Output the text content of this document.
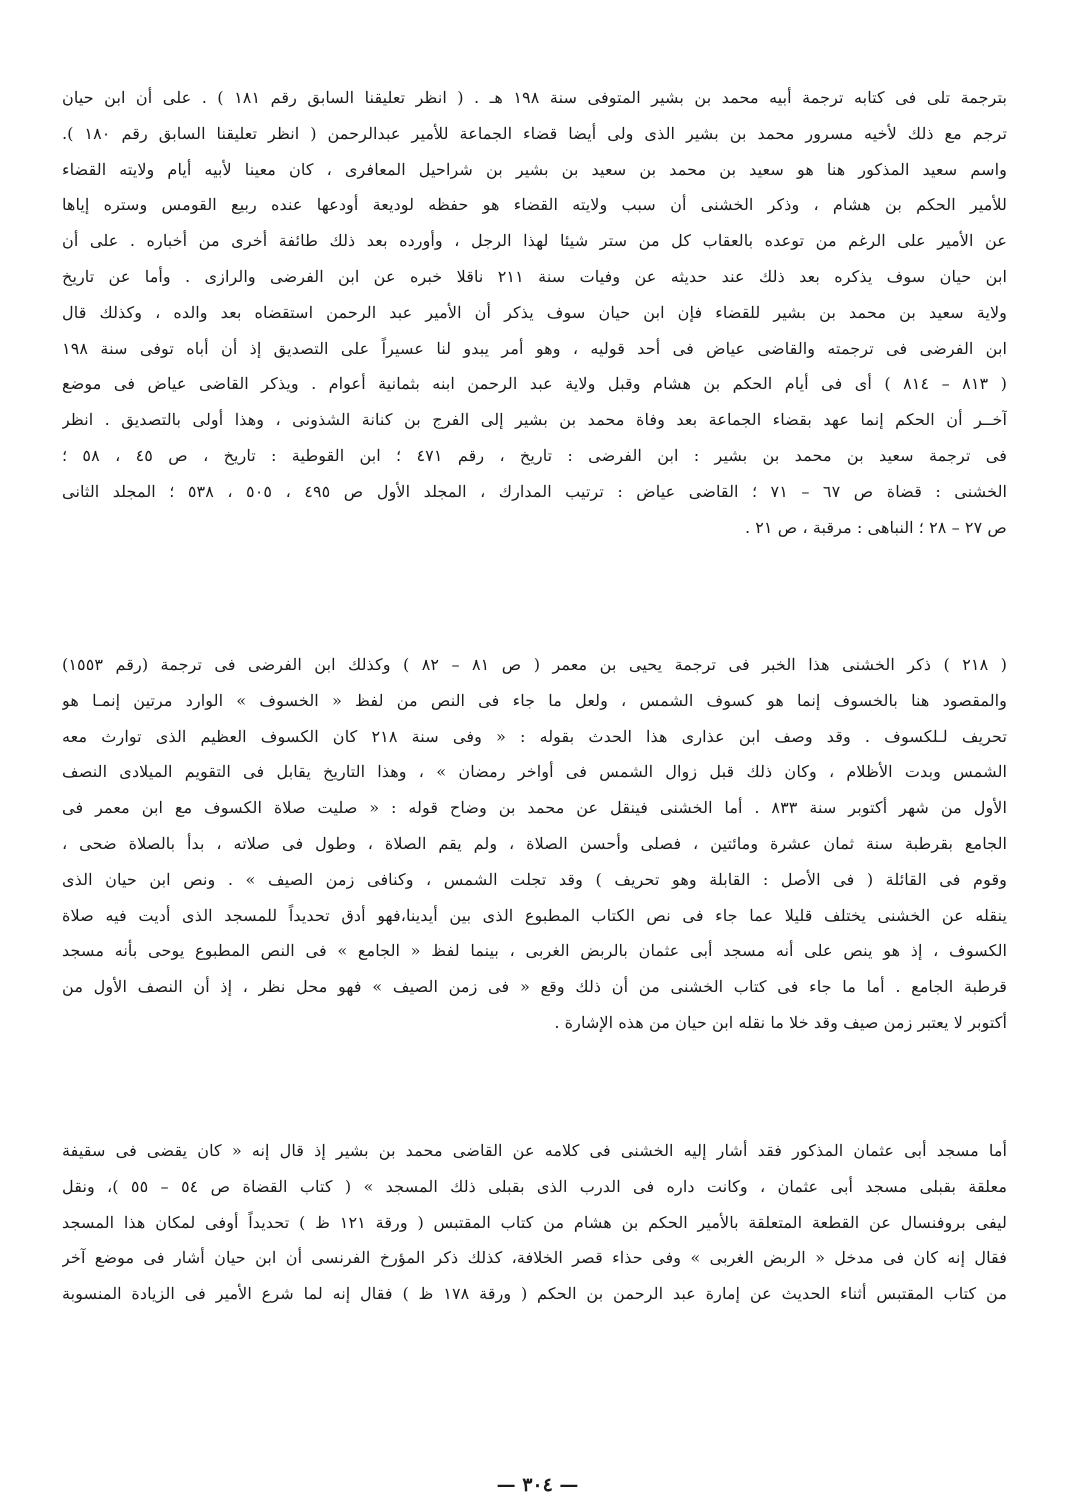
بترجمة تلى فى كتابه ترجمة أبيه محمد بن بشير المتوفى سنة ١٩٨ هـ . ( انظر تعليقنا السابق رقم ١٨١ ) . على أن ابن حيان
ترجم مع ذلك لأخيه مسرور محمد بن بشير الذى ولى أيضا قضاء الجماعة للأمير عبدالرحمن ( انظر تعليقنا السابق رقم ١٨٠ ).
واسم سعيد المذكور هنا هو سعيد بن محمد بن سعيد بن بشير بن شراحيل المعافرى ، كان معينا لأبيه أيام ولايته القضاء
للأمير الحكم بن هشام ، وذكر الخشنى أن سبب ولايته القضاء هو حفظه لوديعة أودعها عنده ربيع القومس وستره إياها
عن الأمير على الرغم من توعده بالعقاب كل من ستر شيئا لهذا الرجل ، وأورده بعد ذلك طائفة أخرى من أخباره . على أن
ابن حيان سوف يذكره بعد ذلك عند حديثه عن وفيات سنة ٢١١ ناقلا خبره عن ابن الفرضى والرازى . وأما عن تاريخ
ولاية سعيد بن محمد بن بشير للقضاء فإن ابن حيان سوف يذكر أن الأمير عبد الرحمن استقضاه بعد والده ، وكذلك قال
ابن الفرضى فى ترجمته والقاضى عياض فى أحد قوليه ، وهو أمر يبدو لنا عسيراً على التصديق إذ أن أباه توفى سنة ١٩٨
( ٨١٣ – ٨١٤ ) أى فى أيام الحكم بن هشام وقبل ولاية عبد الرحمن ابنه بثمانية أعوام . ويذكر القاضى عياض فى موضع
آخــر أن الحكم إنما عهد بقضاء الجماعة بعد وفاة محمد بن بشير إلى الفرج بن كنانة الشذونى ، وهذا أولى بالتصديق . انظر
فى ترجمة سعيد بن محمد بن بشير : ابن الفرضى : تاريخ ، رقم ٤٧١ ؛ ابن القوطية : تاريخ ، ص ٤٥ ، ٥٨ ؛
الخشنى : قضاة ص ٦٧ – ٧١ ؛ القاضى عياض : ترتيب المدارك ، المجلد الأول ص ٤٩٥ ، ٥٠٥ ، ٥٣٨ ؛ المجلد الثانى
ص ٢٧ – ٢٨ ؛ النباهى : مرقبة ، ص ٢١ .
( ٢١٨ ) ذكر الخشنى هذا الخبر فى ترجمة يحيى بن معمر ( ص ٨١ – ٨٢ ) وكذلك ابن الفرضى فى ترجمة (رقم ١٥٥٣)
والمقصود هنا بالخسوف إنما هو كسوف الشمس ، ولعل ما جاء فى النص من لفظ « الخسوف » الوارد مرتين إنمـا هو
تحريف لـلكسوف . وقد وصف ابن عذارى هذا الحدث بقوله : « وفى سنة ٢١٨ كان الكسوف العظيم الذى توارث معه
الشمس وبدت الأظلام ، وكان ذلك قبل زوال الشمس فى أواخر رمضان » ، وهذا التاريخ يقابل فى التقويم الميلادى النصف
الأول من شهر أكتوبر سنة ٨٣٣ . أما الخشنى فينقل عن محمد بن وضاح قوله : « صليت صلاة الكسوف مع ابن معمر فى
الجامع بقرطبة سنة ثمان عشرة ومائتين ، فصلى وأحسن الصلاة ، ولم يقم الصلاة ، وطول فى صلاته ، بدأ بالصلاة ضحى ،
وقوم فى القائلة ( فى الأصل : القابلة وهو تحريف ) وقد تجلت الشمس ، وكنافى زمن الصيف » . ونص ابن حيان الذى
ينقله عن الخشنى يختلف قليلا عما جاء فى نص الكتاب المطبوع الذى بين أيدينا،فهو أدق تحديداً للمسجد الذى أديت فيه صلاة
الكسوف ، إذ هو ينص على أنه مسجد أبى عثمان بالربض الغربى ، بينما لفظ « الجامع » فى النص المطبوع يوحى بأنه مسجد
قرطبة الجامع . أما ما جاء فى كتاب الخشنى من أن ذلك وقع « فى زمن الصيف » فهو محل نظر ، إذ أن النصف الأول من
أكتوبر لا يعتبر زمن صيف وقد خلا ما نقله ابن حيان من هذه الإشارة .
أما مسجد أبى عثمان المذكور فقد أشار إليه الخشنى فى كلامه عن القاضى محمد بن بشير إذ قال إنه « كان يقضى فى سقيفة
معلقة بقبلى مسجد أبى عثمان ، وكانت داره فى الدرب الذى بقبلى ذلك المسجد » ( كتاب القضاة ص ٥٤ – ٥٥ )، ونقل
ليفى بروفنسال عن القطعة المتعلقة بالأمير الحكم بن هشام من كتاب المقتبس ( ورقة ١٢١ ظ ) تحديداً أوفى لمكان هذا المسجد
فقال إنه كان فى مدخل « الربض الغربى » وفى حذاء قصر الخلافة، كذلك ذكر المؤرخ الفرنسى أن ابن حيان أشار فى موضع آخر
من كتاب المقتبس أثناء الحديث عن إمارة عبد الرحمن بن الحكم ( ورقة ١٧٨ ظ ) فقال إنه لما شرع الأمير فى الزيادة المنسوبة
— ٣٠٤ —
